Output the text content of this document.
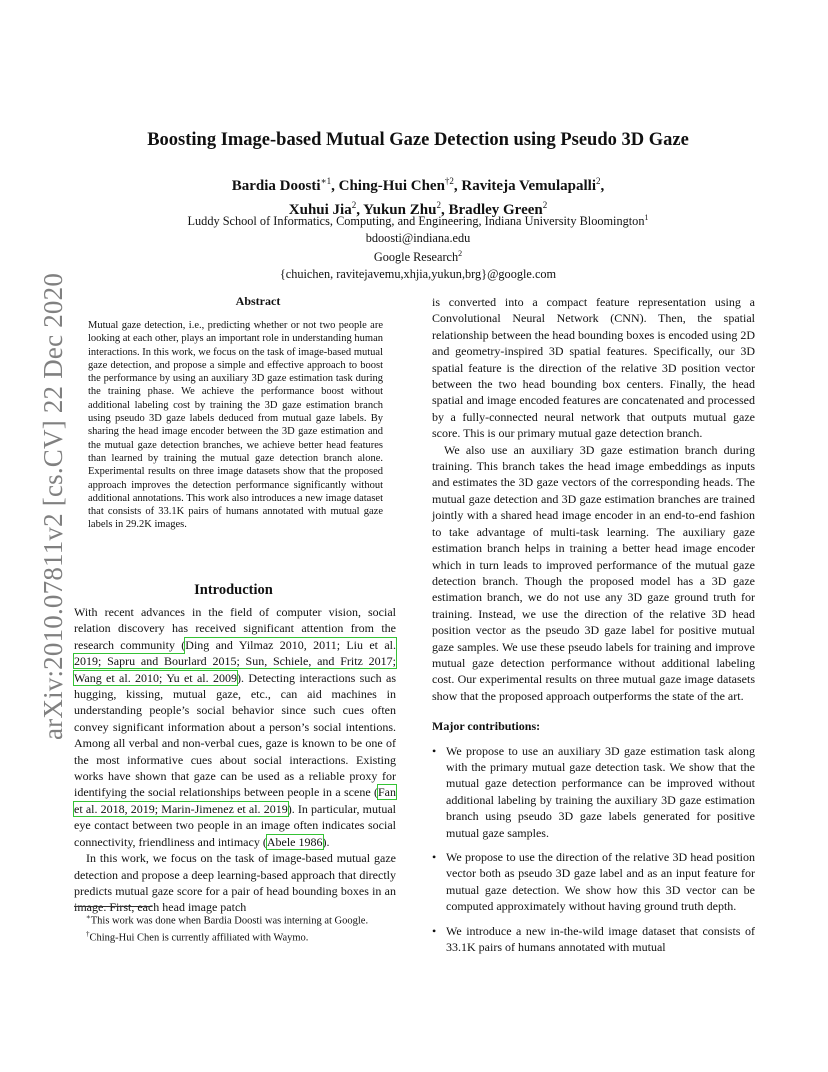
arXiv:2010.07811v2 [cs.CV] 22 Dec 2020
Boosting Image-based Mutual Gaze Detection using Pseudo 3D Gaze
Bardia Doosti$^{∗1}$, Ching-Hui Chen$^{\dagger 2}$, Raviteja Vemulapalli$^2$,
Xuhui Jia$^2$, Yukun Zhu$^2$, Bradley Green$^2$
Luddy School of Informatics, Computing, and Engineering, Indiana University Bloomington$^1$
bdoosti@indiana.edu
Google Research$^2$
{chuichen, ravitejavemu,xhjia,yukun,brg}@google.com
Abstract

Mutual gaze detection, i.e., predicting whether or not two people are looking at each other, plays an important role in understanding human interactions. In this work, we focus on the task of image-based mutual gaze detection, and propose a simple and effective approach to boost the performance by using an auxiliary 3D gaze estimation task during the training phase. We achieve the performance boost without additional labeling cost by training the 3D gaze estimation branch using pseudo 3D gaze labels deduced from mutual gaze labels. By sharing the head image encoder between the 3D gaze estimation and the mutual gaze detection branches, we achieve better head features than learned by training the mutual gaze detection branch alone. Experimental results on three image datasets show that the proposed approach improves the detection performance significantly without additional annotations. This work also introduces a new image dataset that consists of 33.1K pairs of humans annotated with mutual gaze labels in 29.2K images.

Introduction

With recent advances in the field of computer vision, social relation discovery has received significant attention from the research community (Ding and Yilmaz 2010, 2011; Liu et al. 2019; Sapru and Bourlard 2015; Sun, Schiele, and Fritz 2017; Wang et al. 2010; Yu et al. 2009). Detecting interactions such as hugging, kissing, mutual gaze, etc., can aid machines in understanding people’s social behavior since such cues often convey significant information about a person’s social intentions. Among all verbal and non-verbal cues, gaze is known to be one of the most informative cues about social interactions. Existing works have shown that gaze can be used as a reliable proxy for identifying the social relationships between people in a scene (Fan et al. 2018, 2019; Marin-Jimenez et al. 2019). In particular, mutual eye contact between two people in an image often indicates social connectivity, friendliness and intimacy (Abele 1986).

In this work, we focus on the task of image-based mutual gaze detection and propose a deep learning-based approach that directly predicts mutual gaze score for a pair of head bounding boxes in an image. First, each head image patch

∗This work was done when Bardia Doosti was interning at Google.

†Ching-Hui Chen is currently affiliated with Waymo.

is converted into a compact feature representation using a Convolutional Neural Network (CNN). Then, the spatial relationship between the head bounding boxes is encoded using 2D and geometry-inspired 3D spatial features. Specifically, our 3D spatial feature is the direction of the relative 3D position vector between the two head bounding box centers. Finally, the head spatial and image encoded features are concatenated and processed by a fully-connected neural network that outputs mutual gaze score. This is our primary mutual gaze detection branch.

We also use an auxiliary 3D gaze estimation branch during training. This branch takes the head image embeddings as inputs and estimates the 3D gaze vectors of the corresponding heads. The mutual gaze detection and 3D gaze estimation branches are trained jointly with a shared head image encoder in an end-to-end fashion to take advantage of multi-task learning. The auxiliary gaze estimation branch helps in training a better head image encoder which in turn leads to improved performance of the mutual gaze detection branch. Though the proposed model has a 3D gaze estimation branch, we do not use any 3D gaze ground truth for training. Instead, we use the direction of the relative 3D head position vector as the pseudo 3D gaze label for positive mutual gaze samples. We use these pseudo labels for training and improve mutual gaze detection performance without additional labeling cost. Our experimental results on three mutual gaze image datasets show that the proposed approach outperforms the state of the art.

Major contributions:

• We propose to use an auxiliary 3D gaze estimation task along with the primary mutual gaze detection task. We show that the mutual gaze detection performance can be improved without additional labeling by training the auxiliary 3D gaze estimation branch using pseudo 3D gaze labels generated for positive mutual gaze samples.
• We propose to use the direction of the relative 3D head position vector both as pseudo 3D gaze label and as an input feature for mutual gaze detection. We show how this 3D vector can be computed approximately without having ground truth depth.
• We introduce a new in-the-wild image dataset that consists of 33.1K pairs of humans annotated with mutual
